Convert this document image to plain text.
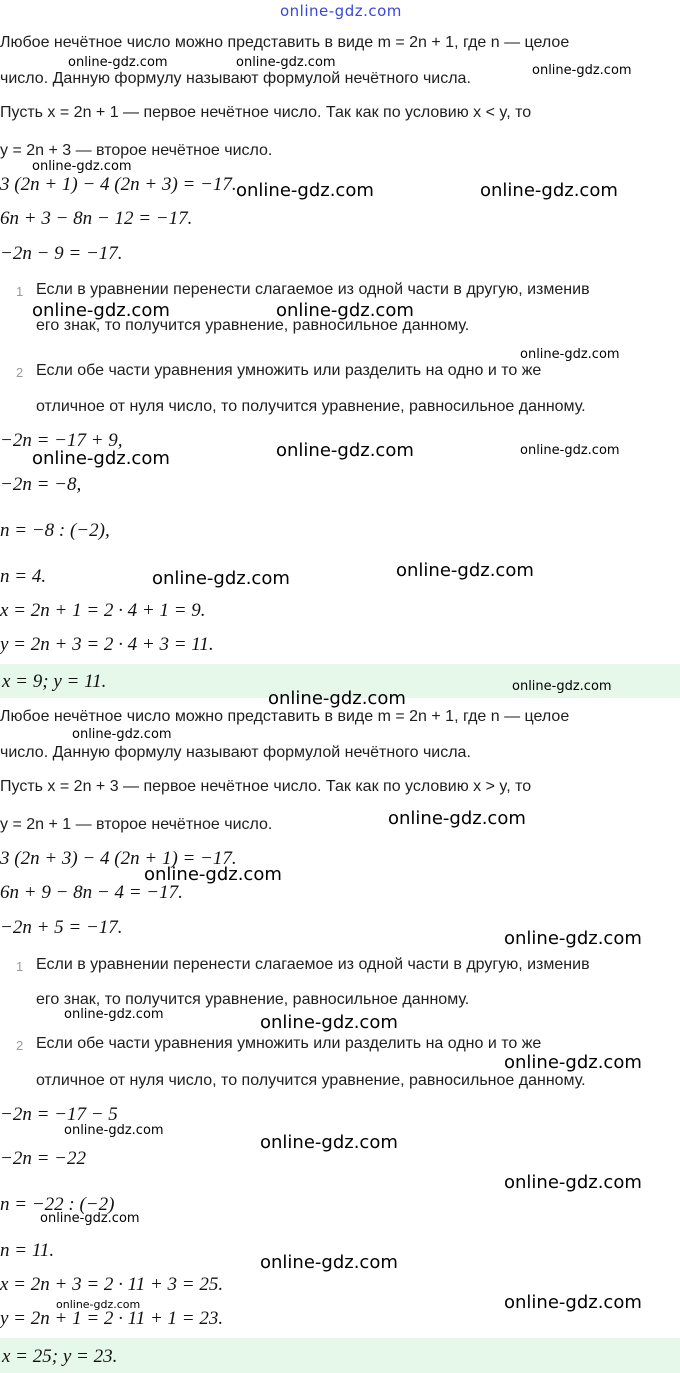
online-gdz.com
Любое нечётное число можно представить в виде m = 2n + 1, где n — целое
число. Данную формулу называют формулой нечётного числа.
Пусть x = 2n + 1 — первое нечётное число. Так как по условию x < y, то
y = 2n + 3 — второе нечётное число.
3 (2n + 1) − 4 (2n + 3) = −17.
6n + 3 − 8n − 12 = −17.
−2n − 9 = −17.
1 Если в уравнении перенести слагаемое из одной части в другую, изменив
его знак, то получится уравнение, равносильное данному.
2 Если обе части уравнения умножить или разделить на одно и то же
отличное от нуля число, то получится уравнение, равносильное данному.
−2n = −17 + 9,
−2n = −8,
n = −8 : (−2),
n = 4.
x = 2n + 1 = 2 · 4 + 1 = 9.
y = 2n + 3 = 2 · 4 + 3 = 11.
x = 9; y = 11.
Любое нечётное число можно представить в виде m = 2n + 1, где n — целое
число. Данную формулу называют формулой нечётного числа.
Пусть x = 2n + 3 — первое нечётное число. Так как по условию x > y, то
y = 2n + 1 — второе нечётное число.
3 (2n + 3) − 4 (2n + 1) = −17.
6n + 9 − 8n − 4 = −17.
−2n + 5 = −17.
1 Если в уравнении перенести слагаемое из одной части в другую, изменив
его знак, то получится уравнение, равносильное данному.
2 Если обе части уравнения умножить или разделить на одно и то же
отличное от нуля число, то получится уравнение, равносильное данному.
−2n = −17 − 5
−2n = −22
n = −22 : (−2)
n = 11.
x = 2n + 3 = 2 · 11 + 3 = 25.
y = 2n + 1 = 2 · 11 + 1 = 23.
x = 25; y = 23.
online-gdz.com	online-gdz.com
online-gdz.com
online-gdz.com
online-gdz.com	online-gdz.com
online-gdz.com	online-gdz.com
online-gdz.com
online-gdz.com	online-gdz.com	online-gdz.com
online-gdz.com	online-gdz.com
online-gdz.com
online-gdz.com
online-gdz.com
online-gdz.com
online-gdz.com
online-gdz.com
online-gdz.com	online-gdz.com
online-gdz.com
online-gdz.com
online-gdz.com
online-gdz.com
online-gdz.com
online-gdz.com
online-gdz.com
online-gdz.com
